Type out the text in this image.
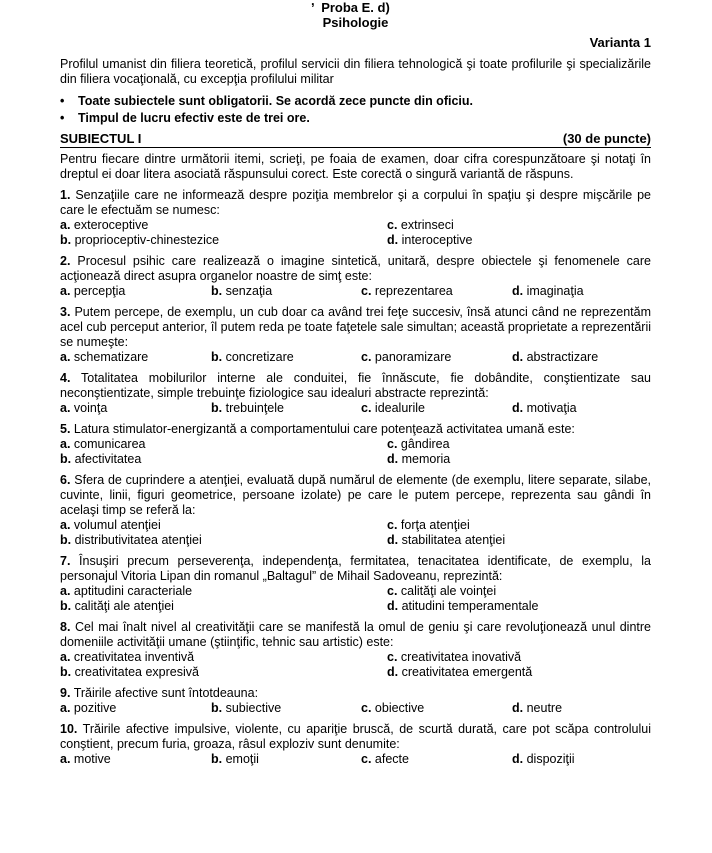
, Proba E. d)
Psihologie
Varianta 1

Profilul umanist din filiera teoretică, profilul servicii din filiera tehnologică şi toate profilurile şi specializările din filiera vocaţională, cu excepţia profilului militar

• Toate subiectele sunt obligatorii. Se acordă zece puncte din oficiu.
• Timpul de lucru efectiv este de trei ore.
SUBIECTUL I	(30 de puncte)

Pentru fiecare dintre următorii itemi, scrieţi, pe foaia de examen, doar cifra corespunzătoare şi notaţi în dreptul ei doar litera asociată răspunsului corect. Este corectă o singură variantă de răspuns.

1. Senzaţiile care ne informează despre poziţia membrelor şi a corpului în spaţiu şi despre mişcările pe care le efectuăm se numesc:
a. exteroceptive	c. extrinseci
b. proprioceptiv-chinestezice	d. interoceptive
2. Procesul psihic care realizează o imagine sintetică, unitară, despre obiectele şi fenomenele care acţionează direct asupra organelor noastre de simţ este:
a. percepţia	b. senzaţia	c. reprezentarea	d. imaginaţia
3. Putem percepe, de exemplu, un cub doar ca având trei feţe succesiv, însă atunci când ne reprezentăm acel cub perceput anterior, îl putem reda pe toate faţetele sale simultan; această proprietate a reprezentării se numeşte:
a. schematizare	b. concretizare	c. panoramizare	d. abstractizare
4. Totalitatea mobilurilor interne ale conduitei, fie înnăscute, fie dobândite, conştientizate sau neconştientizate, simple trebuinţe fiziologice sau idealuri abstracte reprezintă:
a. voinţa	b. trebuinţele	c. idealurile	d. motivaţia
5. Latura stimulator-energizantă a comportamentului care potenţează activitatea umană este:
a. comunicarea	c. gândirea
b. afectivitatea	d. memoria
6. Sfera de cuprindere a atenţiei, evaluată după numărul de elemente (de exemplu, litere separate, silabe, cuvinte, linii, figuri geometrice, persoane izolate) pe care le putem percepe, reprezenta sau gândi în acelaşi timp se referă la:
a. volumul atenţiei	c. forţa atenţiei
b. distributivitatea atenţiei	d. stabilitatea atenţiei
7. Însuşiri precum perseverenţa, independenţa, fermitatea, tenacitatea identificate, de exemplu, la personajul Vitoria Lipan din romanul „Baltagul” de Mihail Sadoveanu, reprezintă:
a. aptitudini caracteriale	c. calităţi ale voinţei
b. calităţi ale atenţiei	d. atitudini temperamentale
8. Cel mai înalt nivel al creativităţii care se manifestă la omul de geniu şi care revoluţionează unul dintre domeniile activităţii umane (ştiinţific, tehnic sau artistic) este:
a. creativitatea inventivă	c. creativitatea inovativă
b. creativitatea expresivă	d. creativitatea emergentă
9. Trăirile afective sunt întotdeauna:
a. pozitive	b. subiective	c. obiective	d. neutre
10. Trăirile afective impulsive, violente, cu apariţie bruscă, de scurtă durată, care pot scăpa controlului conştient, precum furia, groaza, râsul exploziv sunt denumite:
a. motive	b. emoţii	c. afecte	d. dispoziţii
